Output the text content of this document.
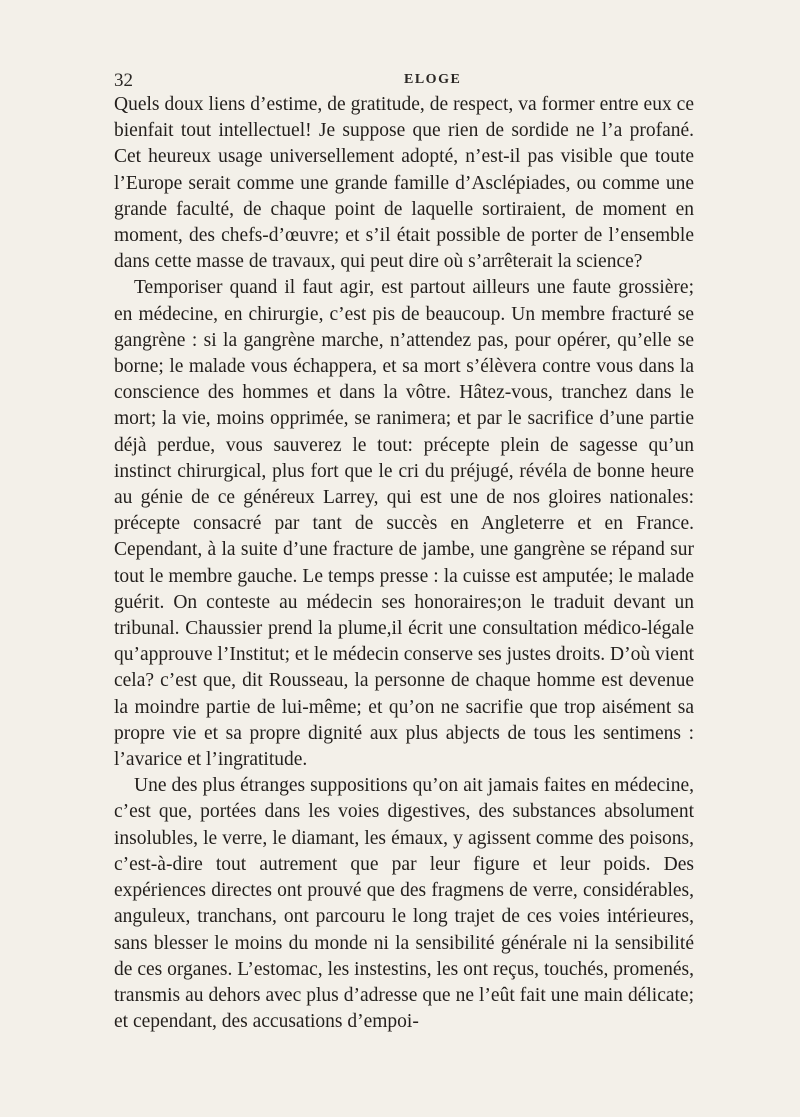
32	ELOGE

Quels doux liens d’estime, de gratitude, de respect, va former entre eux ce bienfait tout intellectuel! Je suppose que rien de sordide ne l’a profané. Cet heureux usage universellement adopté, n’est-il pas visible que toute l’Europe serait comme une grande famille d’Asclépiades, ou comme une grande faculté, de chaque point de laquelle sortiraient, de moment en moment, des chefs-d’œuvre; et s’il était possible de porter de l’ensemble dans cette masse de travaux, qui peut dire où s’arrêterait la science?

Temporiser quand il faut agir, est partout ailleurs une faute grossière; en médecine, en chirurgie, c’est pis de beaucoup. Un membre fracturé se gangrène : si la gangrène marche, n’attendez pas, pour opérer, qu’elle se borne; le malade vous échappera, et sa mort s’élèvera contre vous dans la conscience des hommes et dans la vôtre. Hâtez-vous, tranchez dans le mort; la vie, moins opprimée, se ranimera; et par le sacrifice d’une partie déjà perdue, vous sauverez le tout: précepte plein de sagesse qu’un instinct chirurgical, plus fort que le cri du préjugé, révéla de bonne heure au génie de ce généreux Larrey, qui est une de nos gloires nationales: précepte consacré par tant de succès en Angleterre et en France. Cependant, à la suite d’une fracture de jambe, une gangrène se répand sur tout le membre gauche. Le temps presse : la cuisse est amputée; le malade guérit. On conteste au médecin ses honoraires;on le traduit devant un tribunal. Chaussier prend la plume,il écrit une consultation médico-légale qu’approuve l’Institut; et le médecin conserve ses justes droits. D’où vient cela? c’est que, dit Rousseau, la personne de chaque homme est devenue la moindre partie de lui-même; et qu’on ne sacrifie que trop aisément sa propre vie et sa propre dignité aux plus abjects de tous les sentimens : l’avarice et l’ingratitude.

Une des plus étranges suppositions qu’on ait jamais faites en médecine, c’est que, portées dans les voies digestives, des substances absolument insolubles, le verre, le diamant, les émaux, y agissent comme des poisons, c’est-à-dire tout autrement que par leur figure et leur poids. Des expériences directes ont prouvé que des fragmens de verre, considérables, anguleux, tranchans, ont parcouru le long trajet de ces voies intérieures, sans blesser le moins du monde ni la sensibilité générale ni la sensibilité de ces organes. L’estomac, les instestins, les ont reçus, touchés, promenés, transmis au dehors avec plus d’adresse que ne l’eût fait une main délicate; et cependant, des accusations d’empoi-
